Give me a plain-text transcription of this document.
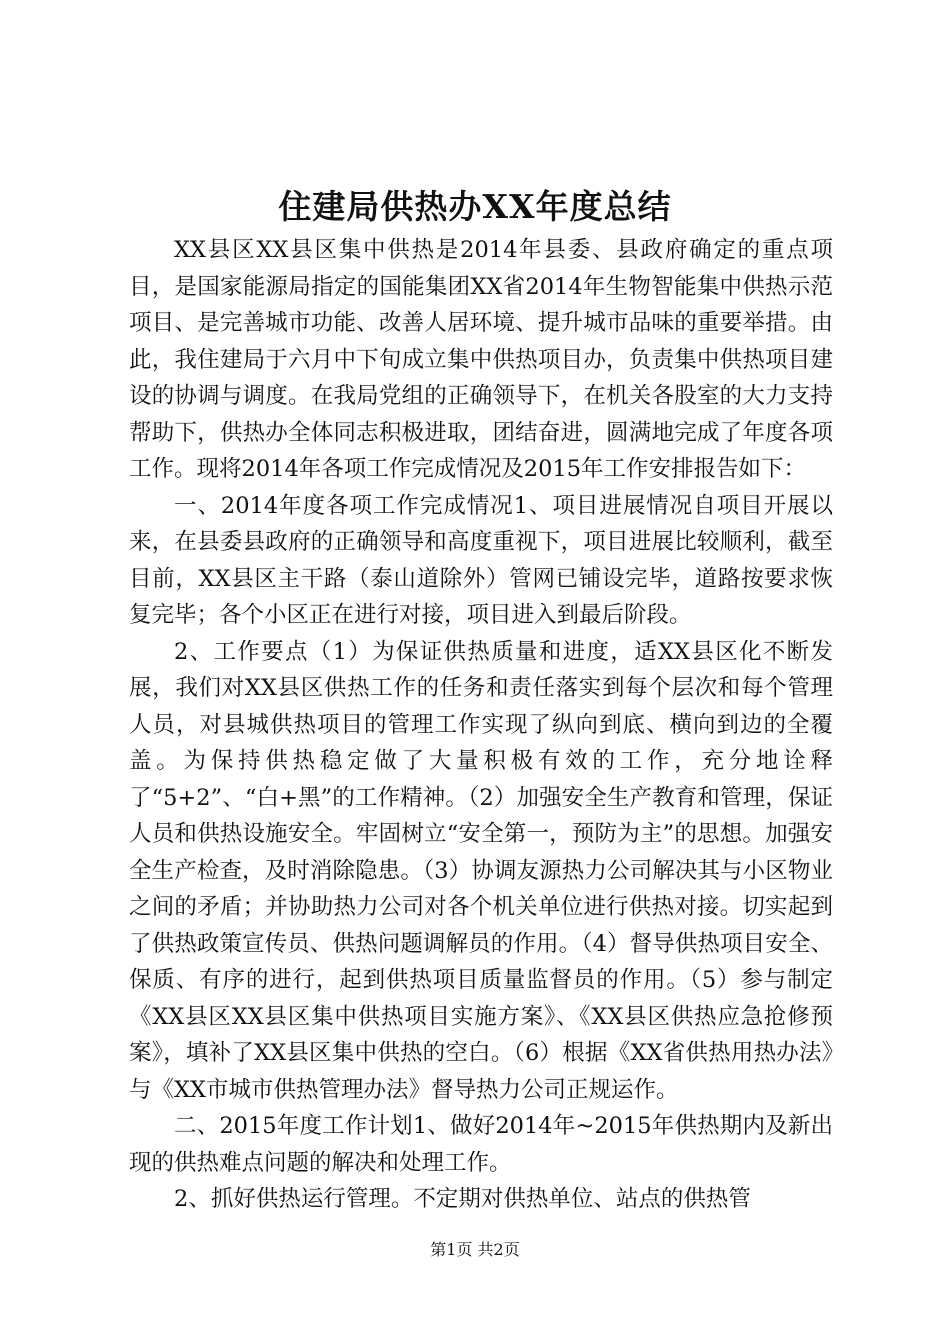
住建局供热办XX年度总结

XX县区XX县区集中供热是2014年县委、县政府确定的重点项目，是国家能源局指定的国能集团XX省2014年生物智能集中供热示范项目、是完善城市功能、改善人居环境、提升城市品味的重要举措。由此，我住建局于六月中下旬成立集中供热项目办，负责集中供热项目建设的协调与调度。在我局党组的正确领导下，在机关各股室的大力支持帮助下，供热办全体同志积极进取，团结奋进，圆满地完成了年度各项工作。现将2014年各项工作完成情况及2015年工作安排报告如下：

一、2014年度各项工作完成情况1、项目进展情况自项目开展以来，在县委县政府的正确领导和高度重视下，项目进展比较顺利，截至目前，XX县区主干路（泰山道除外）管网已铺设完毕，道路按要求恢复完毕；各个小区正在进行对接，项目进入到最后阶段。

2、工作要点（1）为保证供热质量和进度，适XX县区化不断发展，我们对XX县区供热工作的任务和责任落实到每个层次和每个管理人员，对县城供热项目的管理工作实现了纵向到底、横向到边的全覆盖。为保持供热稳定做了大量积极有效的工作，充分地诠释了“5+2”、“白+黑”的工作精神。（2）加强安全生产教育和管理，保证人员和供热设施安全。牢固树立“安全第一，预防为主”的思想。加强安全生产检查，及时消除隐患。（3）协调友源热力公司解决其与小区物业之间的矛盾；并协助热力公司对各个机关单位进行供热对接。切实起到了供热政策宣传员、供热问题调解员的作用。（4）督导供热项目安全、保质、有序的进行，起到供热项目质量监督员的作用。（5）参与制定《XX县区XX县区集中供热项目实施方案》、《XX县区供热应急抢修预案》，填补了XX县区集中供热的空白。（6）根据《XX省供热用热办法》与《XX市城市供热管理办法》督导热力公司正规运作。

二、2015年度工作计划1、做好2014年~2015年供热期内及新出现的供热难点问题的解决和处理工作。

2、抓好供热运行管理。不定期对供热单位、站点的供热管

第1页 共2页
